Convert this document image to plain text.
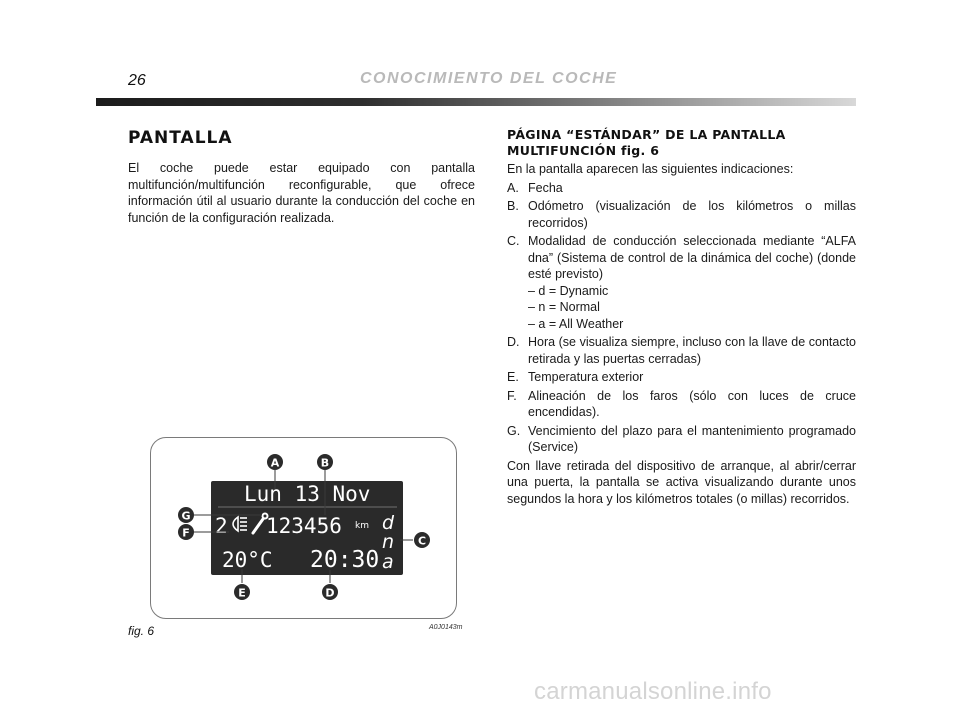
26	CONOCIMIENTO DEL COCHE
PANTALLA

El coche puede estar equipado con pantalla multifunción/multifunción reconfigurable, que ofrece información útil al usuario durante la conducción del coche en función de la configuración realizada.

Lun 13 Nov
2 123456 km d
n
a
20°C 20:30
A	B
C
D
E
F
G
fig. 6	A0J0143m
PÁGINA “ESTÁNDAR” DE LA PANTALLA MULTIFUNCIÓN fig. 6

En la pantalla aparecen las siguientes indicaciones:

A. Fecha
B. Odómetro (visualización de los kilómetros o millas recorridos)
C. Modalidad de conducción seleccionada mediante “ALFA dna” (Sistema de control de la dinámica del coche) (donde esté previsto)
– d = Dynamic
– n = Normal
– a = All Weather
D. Hora (se visualiza siempre, incluso con la llave de contacto retirada y las puertas cerradas)
E. Temperatura exterior
F. Alineación de los faros (sólo con luces de cruce encendidas).
G. Vencimiento del plazo para el mantenimiento programado (Service)

Con llave retirada del dispositivo de arranque, al abrir/cerrar una puerta, la pantalla se activa visualizando durante unos segundos la hora y los kilómetros totales (o millas) recorridos.

carmanualsonline.info
